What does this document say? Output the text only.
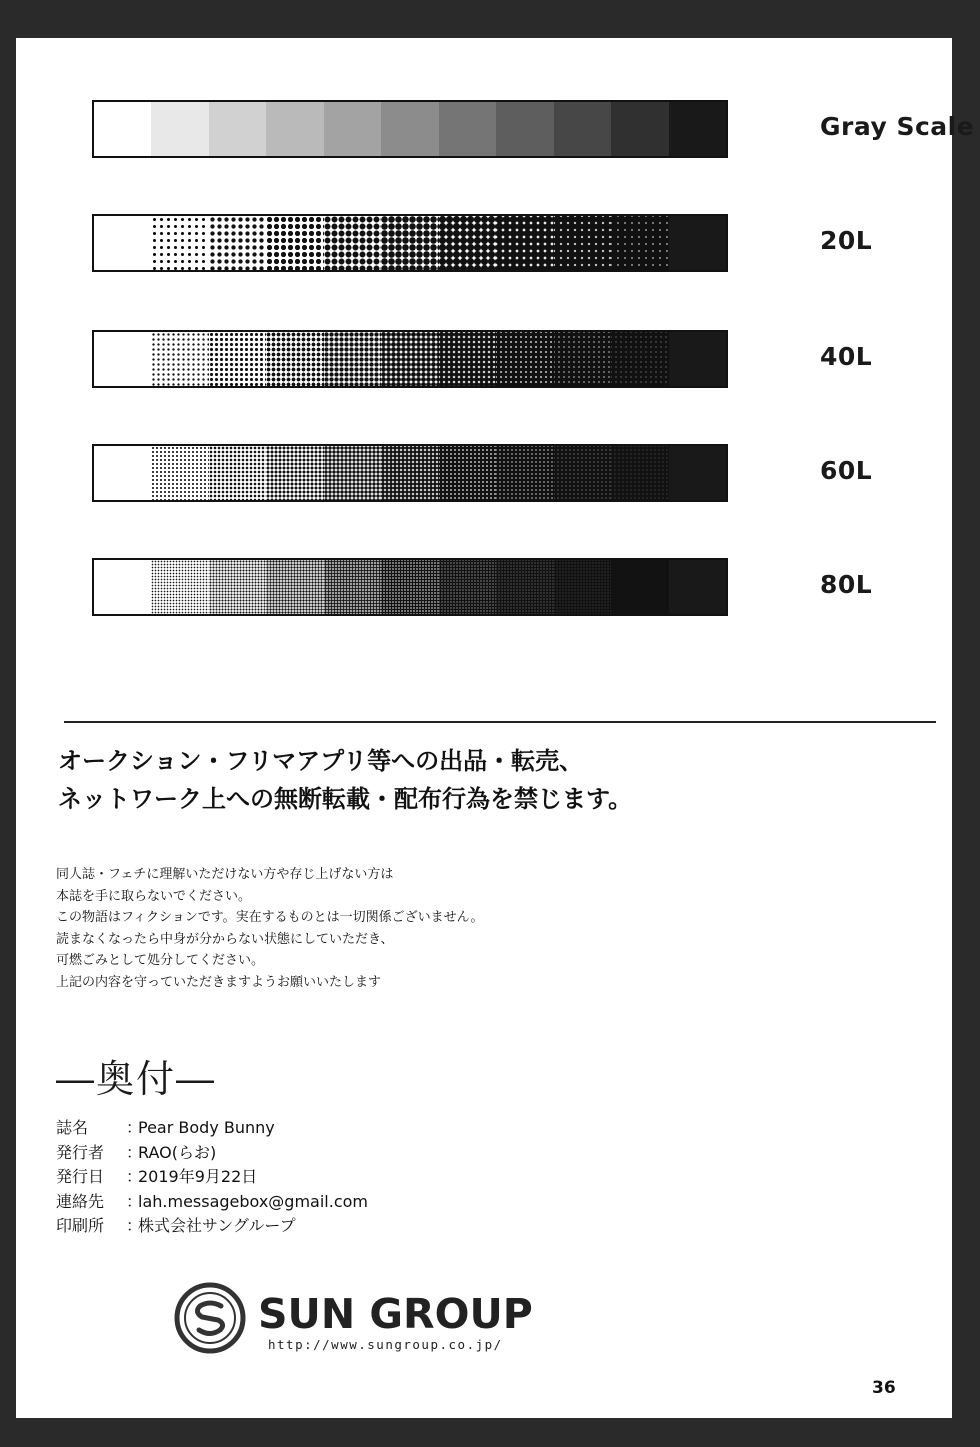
Gray Scale
20L
40L
60L
80L
オークション・フリマアプリ等への出品・転売、
ネットワーク上への無断転載・配布行為を禁じます。
同人誌・フェチに理解いただけない方や存じ上げない方は
本誌を手に取らないでください。
この物語はフィクションです。実在するものとは一切関係ございません。
読まなくなったら中身が分からない状態にしていただき、
可燃ごみとして処分してください。
上記の内容を守っていただきますようお願いいたします
―奥付―
誌名	：
Pear Body Bunny
発行者	：
RAO(らお)
発行日	：
2019年9月22日
連絡先	：
lah.messagebox@gmail.com
印刷所	：
株式会社サングループ
SUN GROUP
http://www.sungroup.co.jp/
36
